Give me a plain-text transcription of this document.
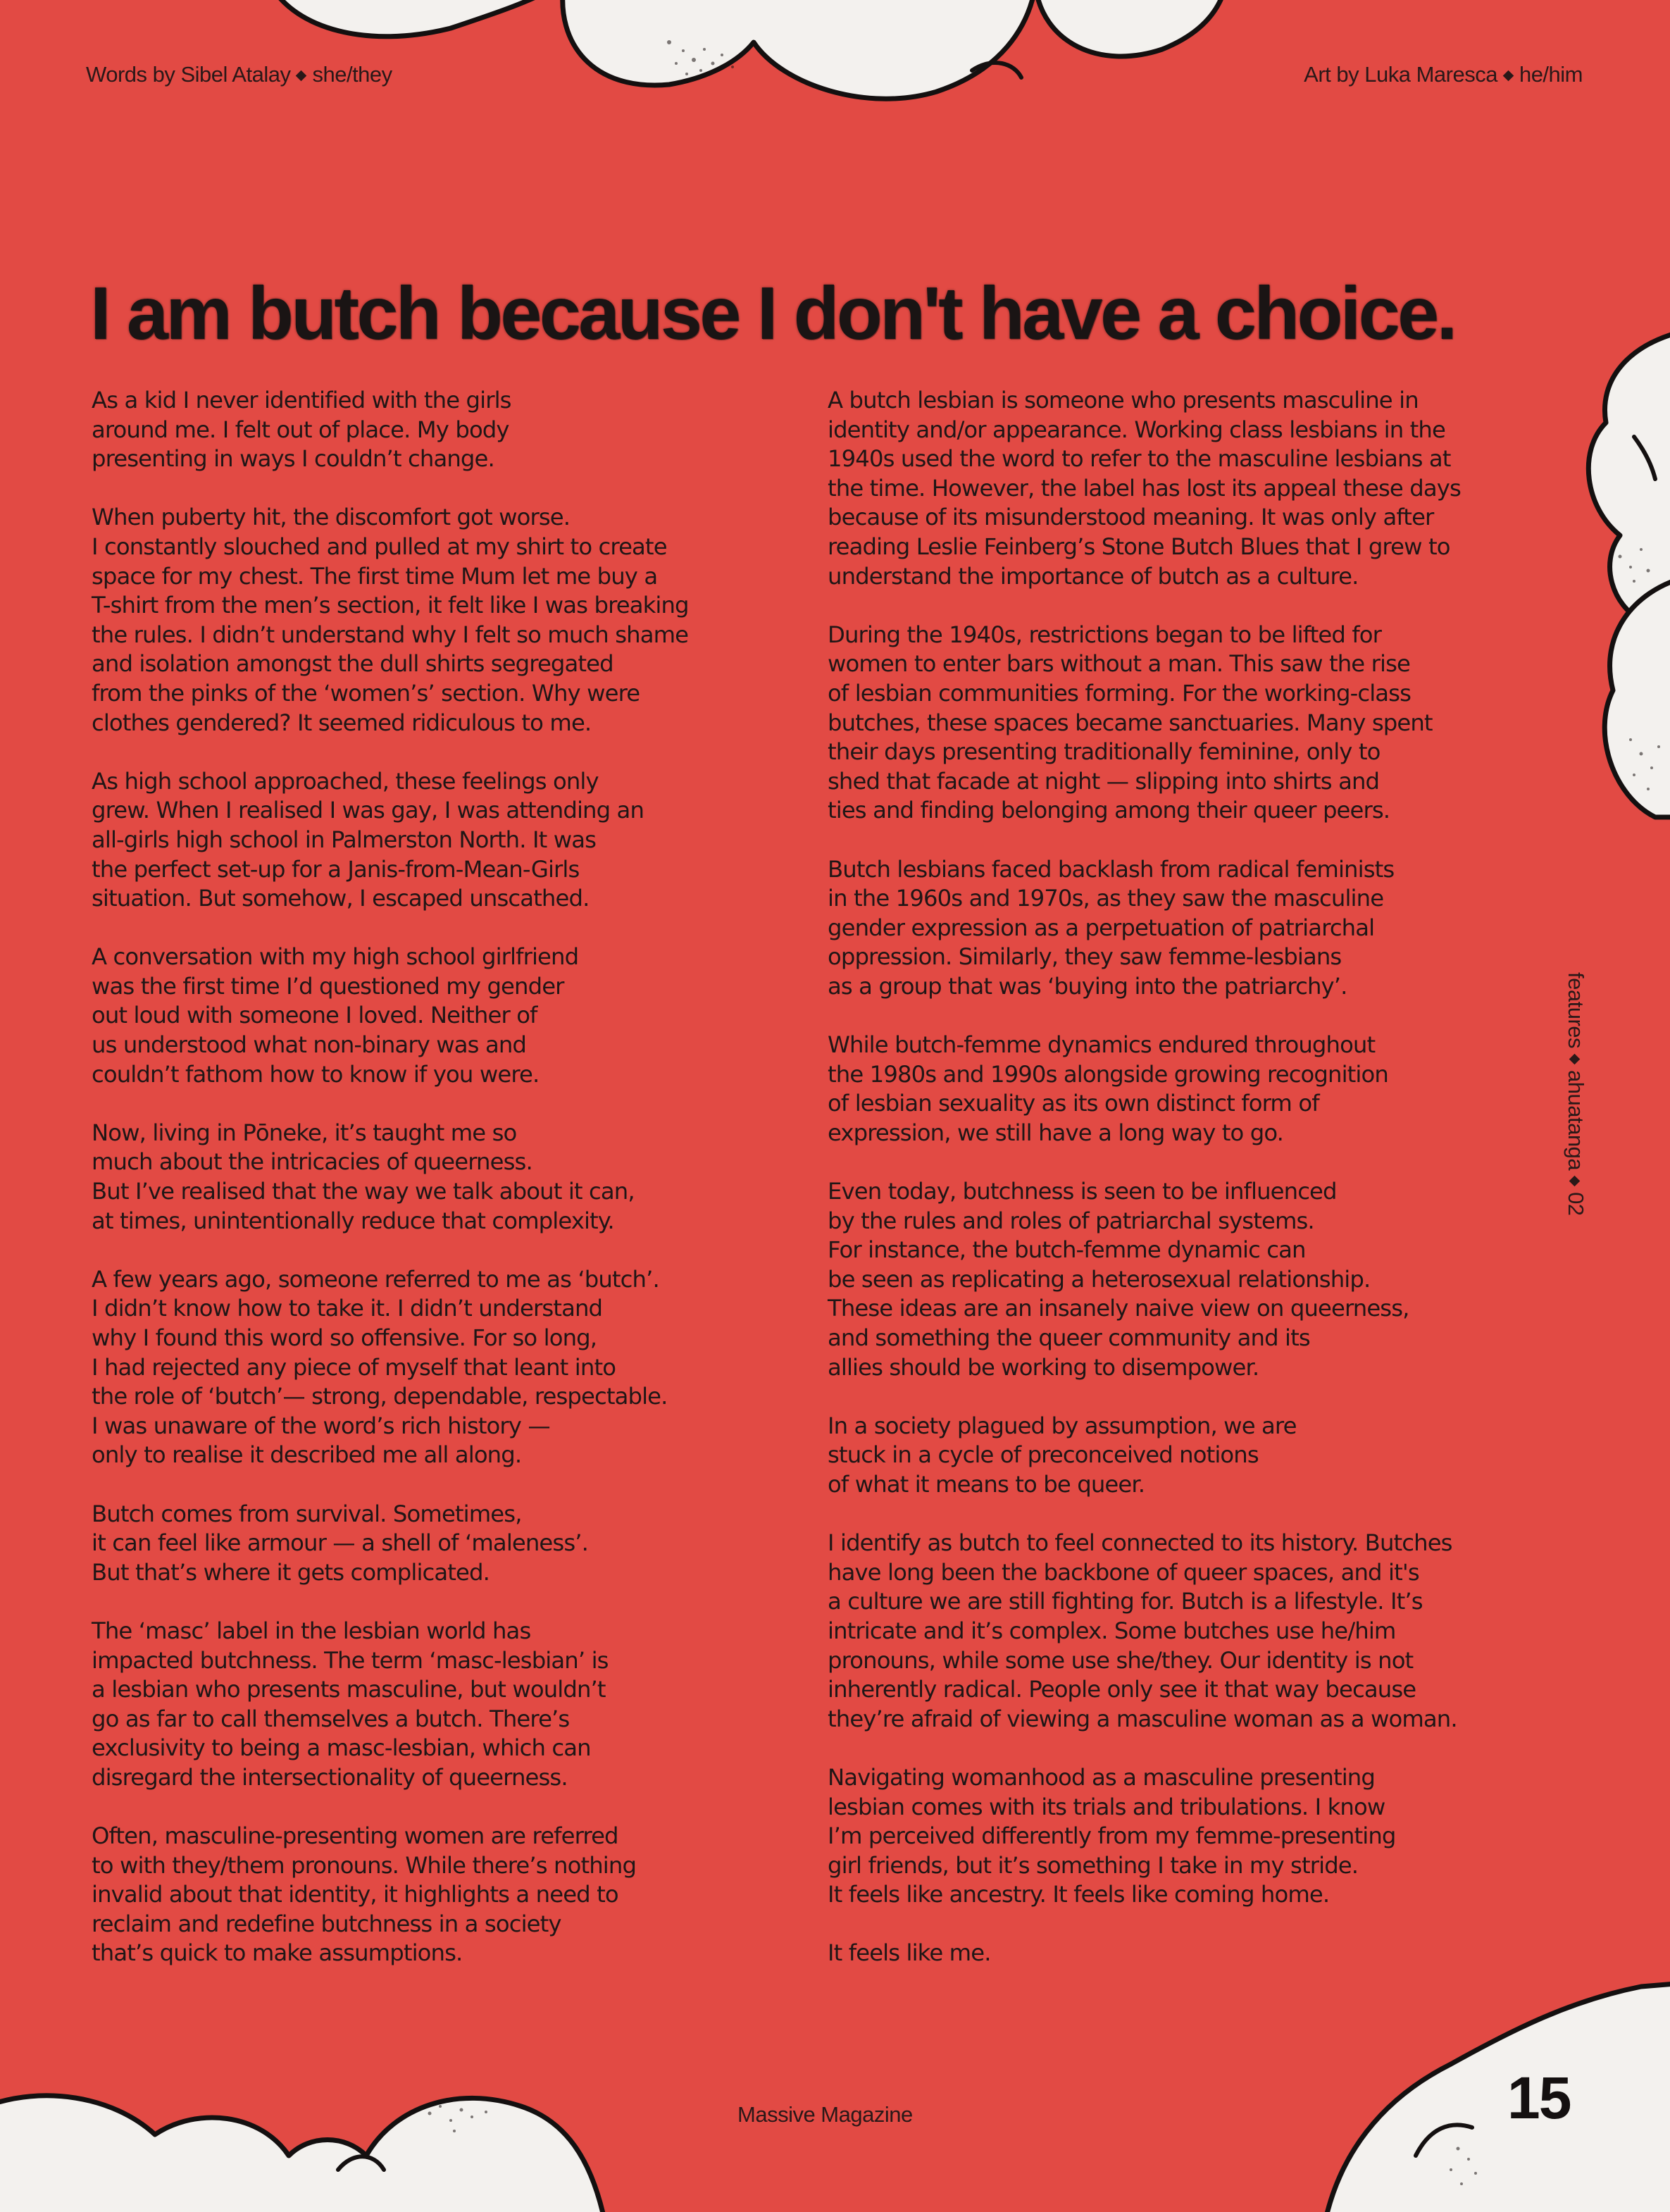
Words by Sibel Atalay she/they	Art by Luka Maresca he/him
I am butch because I don't have a choice.

As a kid I never identified with the girls
around me. I felt out of place. My body
presenting in ways I couldn’t change.

When puberty hit, the discomfort got worse.
I constantly slouched and pulled at my shirt to create
space for my chest. The first time Mum let me buy a
T-shirt from the men’s section, it felt like I was breaking
the rules. I didn’t understand why I felt so much shame
and isolation amongst the dull shirts segregated
from the pinks of the ‘women’s’ section. Why were
clothes gendered? It seemed ridiculous to me.

As high school approached, these feelings only
grew. When I realised I was gay, I was attending an
all-girls high school in Palmerston North. It was
the perfect set-up for a Janis-from-Mean-Girls
situation. But somehow, I escaped unscathed.

A conversation with my high school girlfriend
was the first time I’d questioned my gender
out loud with someone I loved. Neither of
us understood what non-binary was and
couldn’t fathom how to know if you were.

Now, living in Pōneke, it’s taught me so
much about the intricacies of queerness.
But I’ve realised that the way we talk about it can,
at times, unintentionally reduce that complexity.

A few years ago, someone referred to me as ‘butch’.
I didn’t know how to take it. I didn’t understand
why I found this word so offensive. For so long,
I had rejected any piece of myself that leant into
the role of ‘butch’— strong, dependable, respectable.
I was unaware of the word’s rich history —
only to realise it described me all along.

Butch comes from survival. Sometimes,
it can feel like armour — a shell of ‘maleness’.
But that’s where it gets complicated.

The ‘masc’ label in the lesbian world has
impacted butchness. The term ‘masc-lesbian’ is
a lesbian who presents masculine, but wouldn’t
go as far to call themselves a butch. There’s
exclusivity to being a masc-lesbian, which can
disregard the intersectionality of queerness.

Often, masculine-presenting women are referred
to with they/them pronouns. While there’s nothing
invalid about that identity, it highlights a need to
reclaim and redefine butchness in a society
that’s quick to make assumptions.

A butch lesbian is someone who presents masculine in
identity and/or appearance. Working class lesbians in the
1940s used the word to refer to the masculine lesbians at
the time. However, the label has lost its appeal these days
because of its misunderstood meaning. It was only after
reading Leslie Feinberg’s Stone Butch Blues that I grew to
understand the importance of butch as a culture.

During the 1940s, restrictions began to be lifted for
women to enter bars without a man. This saw the rise
of lesbian communities forming. For the working-class
butches, these spaces became sanctuaries. Many spent
their days presenting traditionally feminine, only to
shed that facade at night — slipping into shirts and
ties and finding belonging among their queer peers.

Butch lesbians faced backlash from radical feminists
in the 1960s and 1970s, as they saw the masculine
gender expression as a perpetuation of patriarchal
oppression. Similarly, they saw femme-lesbians
as a group that was ‘buying into the patriarchy’.

While butch-femme dynamics endured throughout
the 1980s and 1990s alongside growing recognition
of lesbian sexuality as its own distinct form of
expression, we still have a long way to go.

Even today, butchness is seen to be influenced
by the rules and roles of patriarchal systems.
For instance, the butch-femme dynamic can
be seen as replicating a heterosexual relationship.
These ideas are an insanely naive view on queerness,
and something the queer community and its
allies should be working to disempower.

In a society plagued by assumption, we are
stuck in a cycle of preconceived notions
of what it means to be queer.

I identify as butch to feel connected to its history. Butches
have long been the backbone of queer spaces, and it's
a culture we are still fighting for. Butch is a lifestyle. It’s
intricate and it’s complex. Some butches use he/him
pronouns, while some use she/they. Our identity is not
inherently radical. People only see it that way because
they’re afraid of viewing a masculine woman as a woman.

Navigating womanhood as a masculine presenting
lesbian comes with its trials and tribulations. I know
I’m perceived differently from my femme-presenting
girl friends, but it’s something I take in my stride.
It feels like ancestry. It feels like coming home.

It feels like me.

featuresahuatanga02
Massive Magazine	15
